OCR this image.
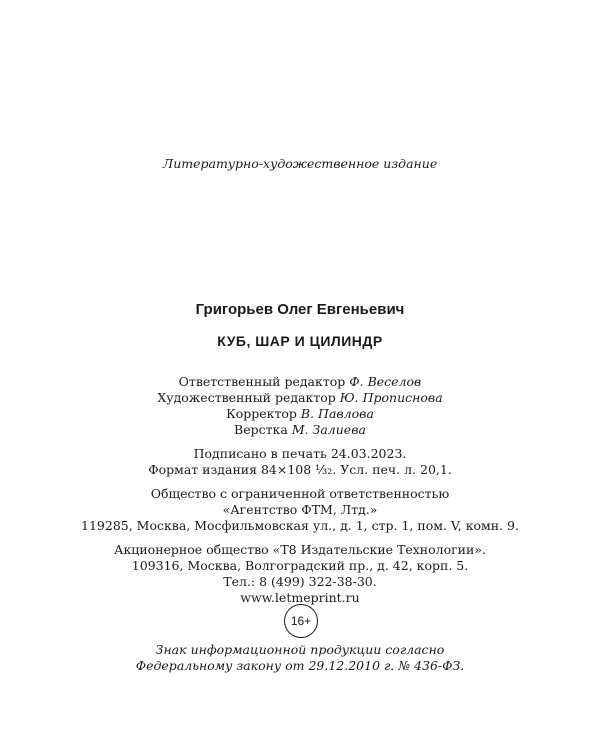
Литературно-художественное издание
Григорьев Олег Евгеньевич
КУБ, ШАР И ЦИЛИНДР
Ответственный редактор Ф. Веселов
Художественный редактор Ю. Прописнова
Корректор В. Павлова
Верстка М. Залиева
Подписано в печать 24.03.2023.
Формат издания 84×108 ¹⁄₃₂. Усл. печ. л. 20,1.
Общество с ограниченной ответственностью
«Агентство ФТМ, Лтд.»
119285, Москва, Мосфильмовская ул., д. 1, стр. 1, пом. V, комн. 9.
Акционерное общество «Т8 Издательские Технологии».
109316, Москва, Волгоградский пр., д. 42, корп. 5.
Тел.: 8 (499) 322-38-30.
www.letmeprint.ru
16+
Знак информационной продукции согласно
Федеральному закону от 29.12.2010 г. № 436-ФЗ.
